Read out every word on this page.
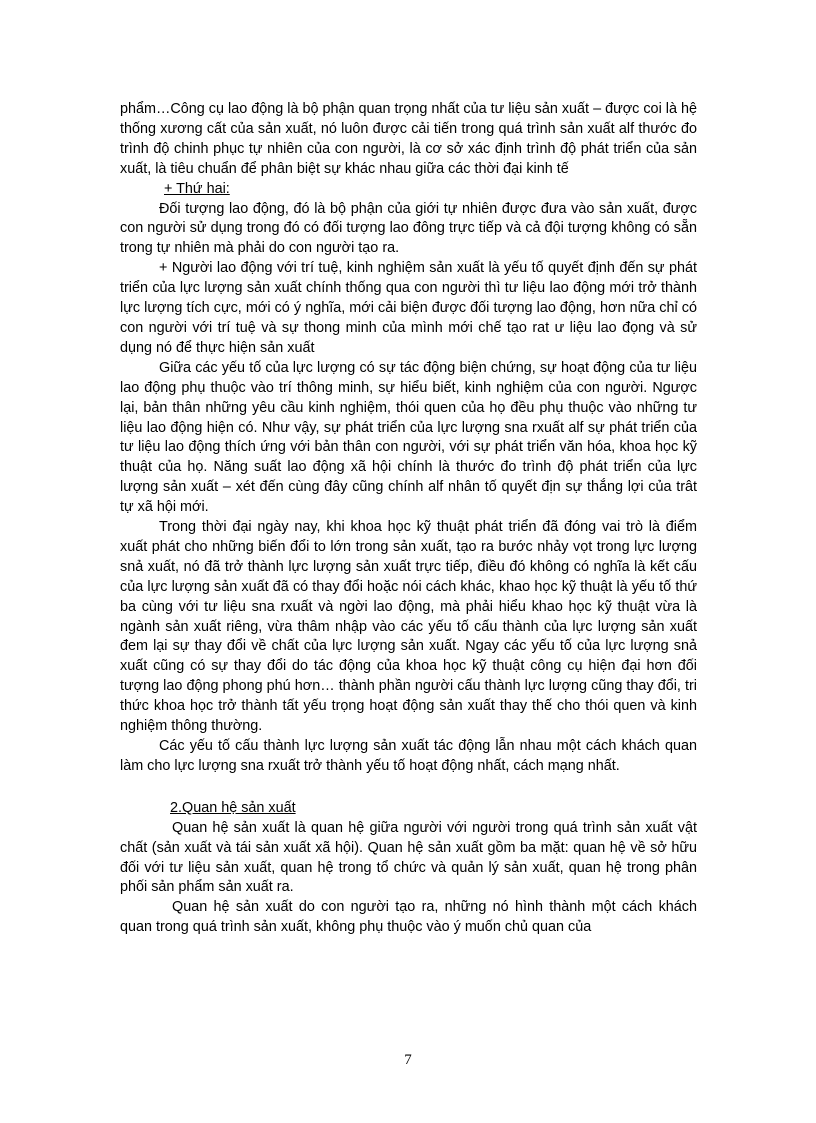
phẩm…Công cụ lao động là bộ phận quan trọng nhất của tư liệu sản xuất – được coi là hệ thống xương cất của sản xuất, nó luôn được cải tiến trong quá trình sản xuất alf thước đo trình độ chinh phục tự nhiên của con người, là cơ sở xác định trình độ phát triển của sản xuất, là tiêu chuẩn để phân biệt sự khác nhau giữa các thời đại kinh tế

+ Thứ hai:

Đối tượng lao động, đó là bộ phận của giới tự nhiên được đưa vào sản xuất, được con người sử dụng trong đó có đối tượng lao đông trực tiếp và cả đội tượng không có sẵn trong tự nhiên mà phải do con người tạo ra.

+ Người lao động với trí tuệ, kinh nghiệm sản xuất là yếu tố quyết định đến sự phát triển của lực lượng sản xuất chính thống qua con người thì tư liệu lao động mới trở thành lực lượng tích cực, mới có ý nghĩa, mới cải biện được đối tượng lao động, hơn nữa chỉ có con người với trí tuệ và sự thong minh của mình mới chế tạo rat ư liệu lao đọng và sử dụng nó để thực hiện sản xuất

Giữa các yếu tố của lực lượng có sự tác động biện chứng, sự hoạt động của tư liệu lao động phụ thuộc vào trí thông minh, sự hiểu biết, kinh nghiệm của con người. Ngược lại, bản thân những yêu cầu kinh nghiệm, thói quen của họ đều phụ thuộc vào những tư liệu lao động hiện có. Như vậy, sự phát triển của lực lượng sna rxuất alf sự phát triển của tư liệu lao động thích ứng với bản thân con người, với sự phát triển văn hóa, khoa học kỹ thuật của họ. Năng suất lao động xã hội chính là thước đo trình độ phát triển của lực lượng sản xuất – xét đến cùng đây cũng chính alf nhân tố quyết địn sự thắng lợi của trât tự xã hội mới.

Trong thời đại ngày nay, khi khoa học kỹ thuật phát triển đã đóng vai trò là điểm xuất phát cho những biến đổi to lớn trong sản xuất, tạo ra bước nhảy vọt trong lực lượng snả xuất, nó đã trở thành lực lượng sản xuất trực tiếp, điều đó không có nghĩa là kết cấu của lực lượng sản xuất đã có thay đổi hoặc nói cách khác, khao học kỹ thuật là yếu tố thứ ba cùng với tư liệu sna rxuất và ngời lao động, mà phải hiểu khao học kỹ thuật vừa là ngành sản xuất riêng, vừa thâm nhập vào các yếu tố cấu thành của lực lượng sản xuất đem lại sự thay đổi về chất của lực lượng sản xuất. Ngay các yếu tố của lực lượng snả xuất cũng có sự thay đổi do tác động của khoa học kỹ thuật công cụ hiện đại hơn đối tượng lao động phong phú hơn… thành phần người cấu thành lực lượng cũng thay đổi, tri thức khoa học trở thành tất yếu trọng hoạt động sản xuất thay thế cho thói quen và kinh nghiệm thông thường.

Các yếu tố cấu thành lực lượng sản xuất tác động lẫn nhau một cách khách quan làm cho lực lượng sna rxuất trở thành yếu tố hoạt động nhất, cách mạng nhất.

2.Quan hệ sản xuất

Quan hệ sản xuất là quan hệ giữa người với người trong quá trình sản xuất vật chất (sản xuất và tái sản xuất xã hội). Quan hệ sản xuất gồm ba mặt: quan hệ về sở hữu đối với tư liệu sản xuất, quan hệ trong tổ chức và quản lý sản xuất, quan hệ trong phân phối sản phẩm sản xuất ra.

Quan hệ sản xuất do con người tạo ra, những nó hình thành một cách khách quan trong quá trình sản xuất, không phụ thuộc vào ý muốn chủ quan của

7
